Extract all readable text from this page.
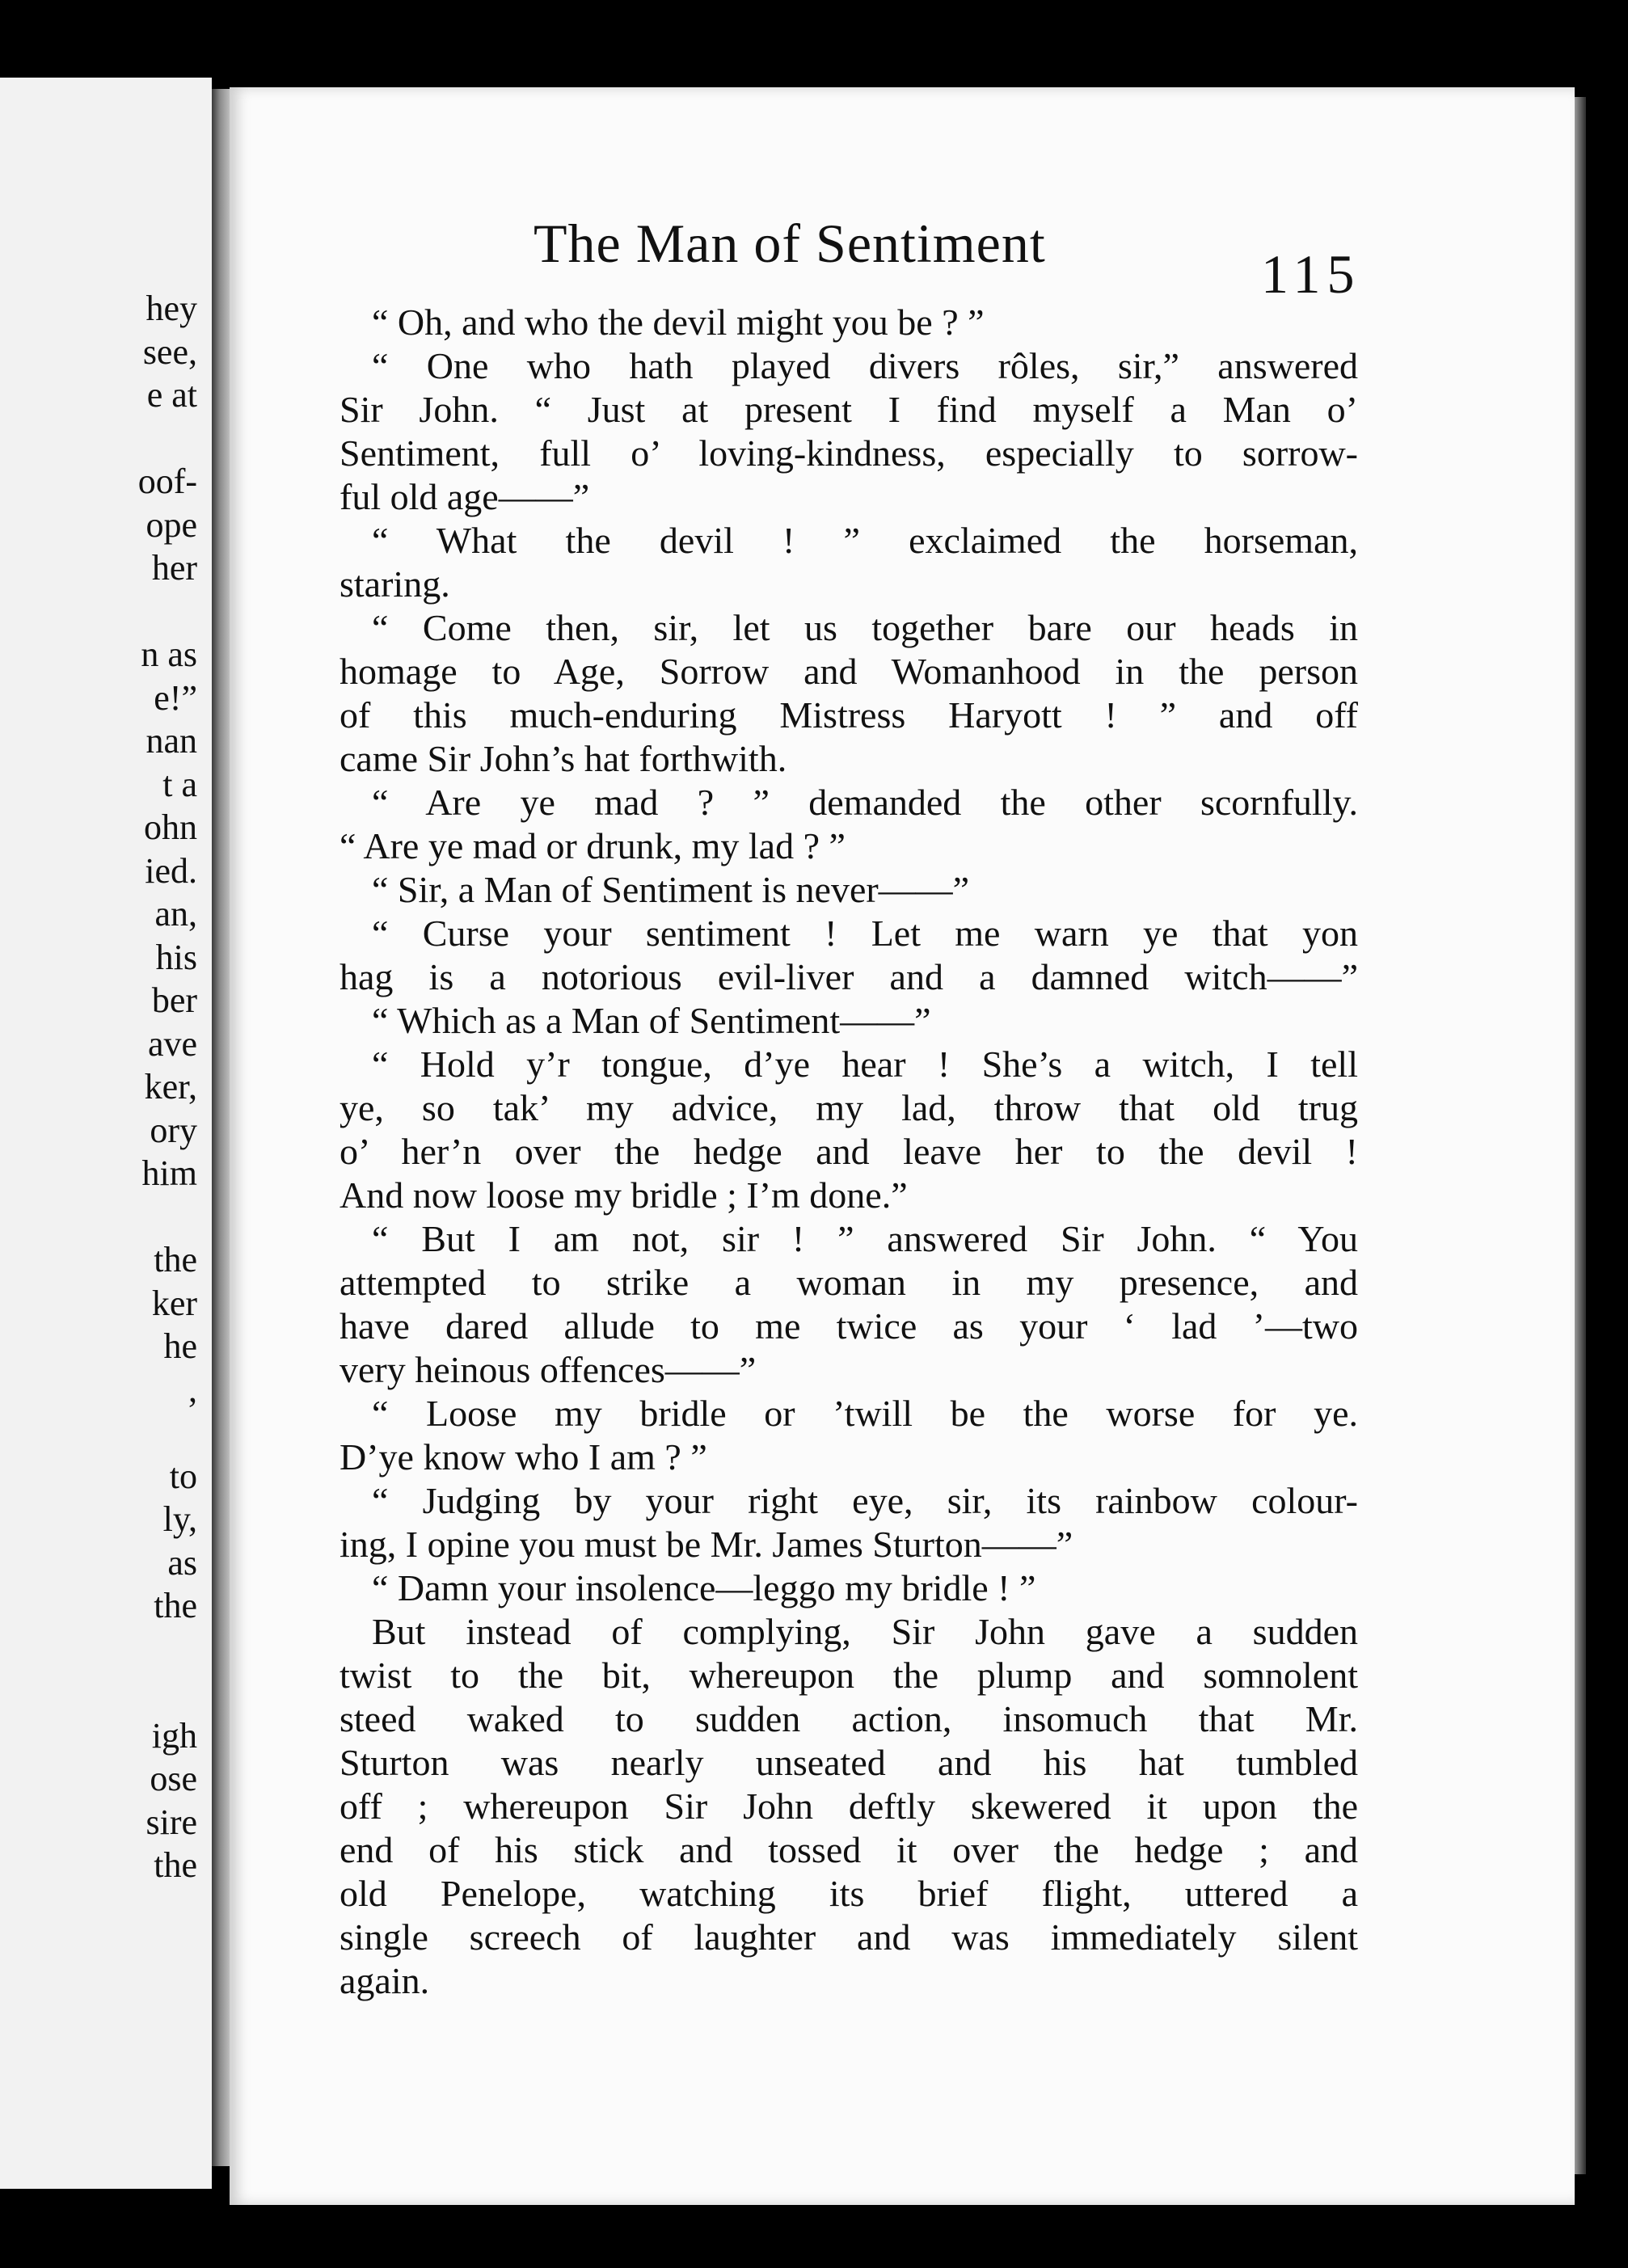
hey
see,
e at
oof-
ope
her
n as
e!”
nan
t a
ohn
ied.
an,
his
ber
ave
ker,
ory
him
the
ker
he
,
to
ly,
as
the
igh
ose
sire
the
The Man of Sentiment	115
“ Oh, and who the devil might you be ? ”
“ One who hath played divers rôles, sir,” answered
Sir John. “ Just at present I find myself a Man o’
Sentiment, full o’ loving-kindness, especially to sorrow-
ful old age——”
“ What the devil ! ” exclaimed the horseman,
staring.
“ Come then, sir, let us together bare our heads in
homage to Age, Sorrow and Womanhood in the person
of this much-enduring Mistress Haryott ! ” and off
came Sir John’s hat forthwith.
“ Are ye mad ? ” demanded the other scornfully.
“ Are ye mad or drunk, my lad ? ”
“ Sir, a Man of Sentiment is never——”
“ Curse your sentiment ! Let me warn ye that yon
hag is a notorious evil-liver and a damned witch——”
“ Which as a Man of Sentiment——”
“ Hold y’r tongue, d’ye hear ! She’s a witch, I tell
ye, so tak’ my advice, my lad, throw that old trug
o’ her’n over the hedge and leave her to the devil !
And now loose my bridle ; I’m done.”
“ But I am not, sir ! ” answered Sir John. “ You
attempted to strike a woman in my presence, and
have dared allude to me twice as your ‘ lad ’—two
very heinous offences——”
“ Loose my bridle or ’twill be the worse for ye.
D’ye know who I am ? ”
“ Judging by your right eye, sir, its rainbow colour-
ing, I opine you must be Mr. James Sturton——”
“ Damn your insolence—leggo my bridle ! ”
But instead of complying, Sir John gave a sudden
twist to the bit, whereupon the plump and somnolent
steed waked to sudden action, insomuch that Mr.
Sturton was nearly unseated and his hat tumbled
off ; whereupon Sir John deftly skewered it upon the
end of his stick and tossed it over the hedge ; and
old Penelope, watching its brief flight, uttered a
single screech of laughter and was immediately silent
again.
